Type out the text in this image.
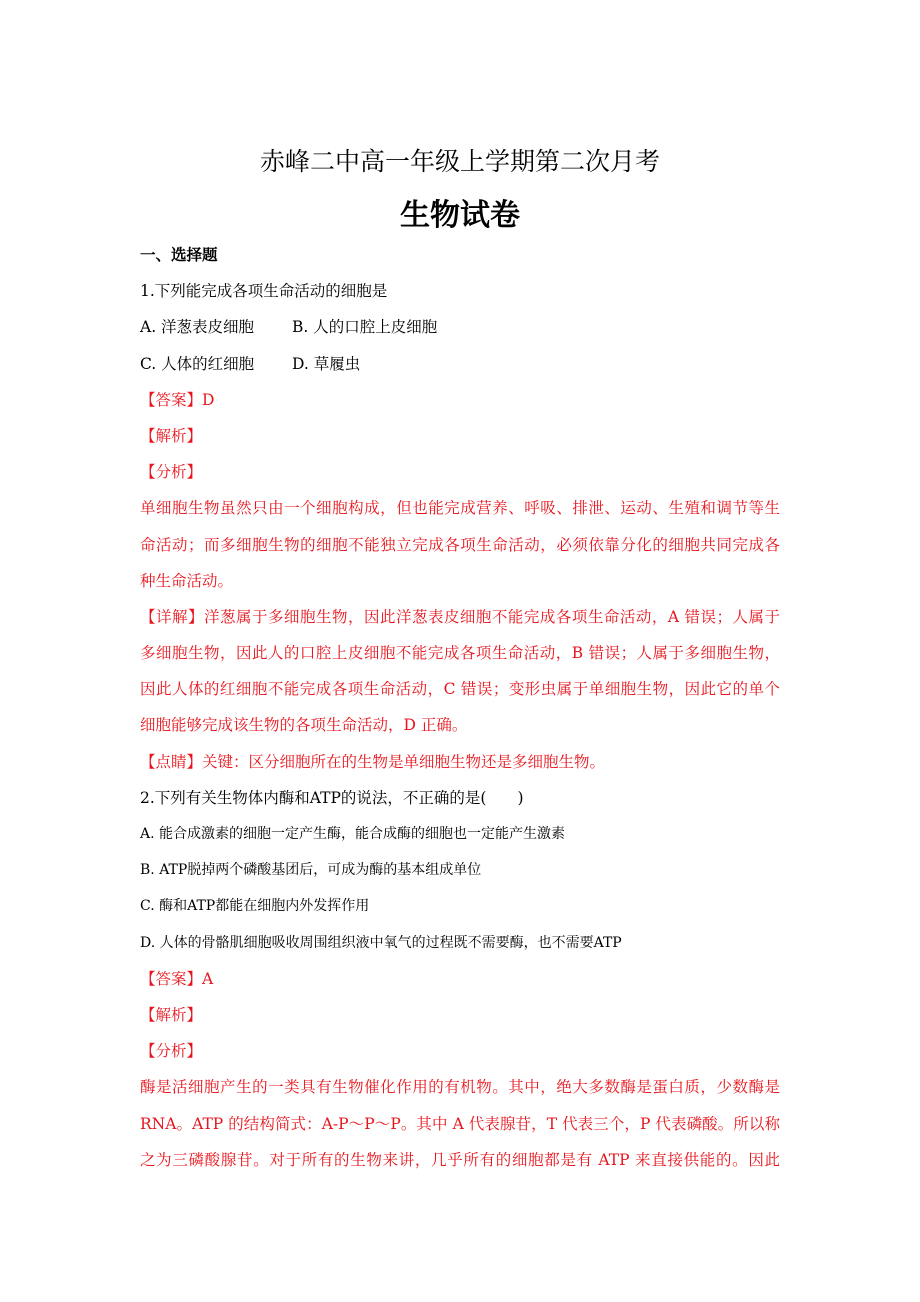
赤峰二中高一年级上学期第二次月考
生物试卷
一、选择题
1.下列能完成各项生命活动的细胞是
A. 洋葱表皮细胞 B. 人的口腔上皮细胞
C. 人体的红细胞 D. 草履虫
【答案】D
【解析】
【分析】
单细胞生物虽然只由一个细胞构成，但也能完成营养、呼吸、排泄、运动、生殖和调节等生
命活动；而多细胞生物的细胞不能独立完成各项生命活动，必须依靠分化的细胞共同完成各
种生命活动。
【详解】洋葱属于多细胞生物，因此洋葱表皮细胞不能完成各项生命活动，A 错误；人属于
多细胞生物，因此人的口腔上皮细胞不能完成各项生命活动，B 错误；人属于多细胞生物，
因此人体的红细胞不能完成各项生命活动，C 错误；变形虫属于单细胞生物，因此它的单个
细胞能够完成该生物的各项生命活动，D 正确。
【点睛】关键：区分细胞所在的生物是单细胞生物还是多细胞生物。
2.下列有关生物体内酶和ATP的说法，不正确的是(　　)
A. 能合成激素的细胞一定产生酶，能合成酶的细胞也一定能产生激素
B. ATP脱掉两个磷酸基团后，可成为酶的基本组成单位
C. 酶和ATP都能在细胞内外发挥作用
D. 人体的骨骼肌细胞吸收周围组织液中氧气的过程既不需要酶，也不需要ATP
【答案】A
【解析】
【分析】
酶是活细胞产生的一类具有生物催化作用的有机物。其中，绝大多数酶是蛋白质，少数酶是
RNA。ATP 的结构简式：A-P～P～P。其中 A 代表腺苷，T 代表三个，P 代表磷酸。所以称
之为三磷酸腺苷。对于所有的生物来讲，几乎所有的细胞都是有 ATP 来直接供能的。因此
